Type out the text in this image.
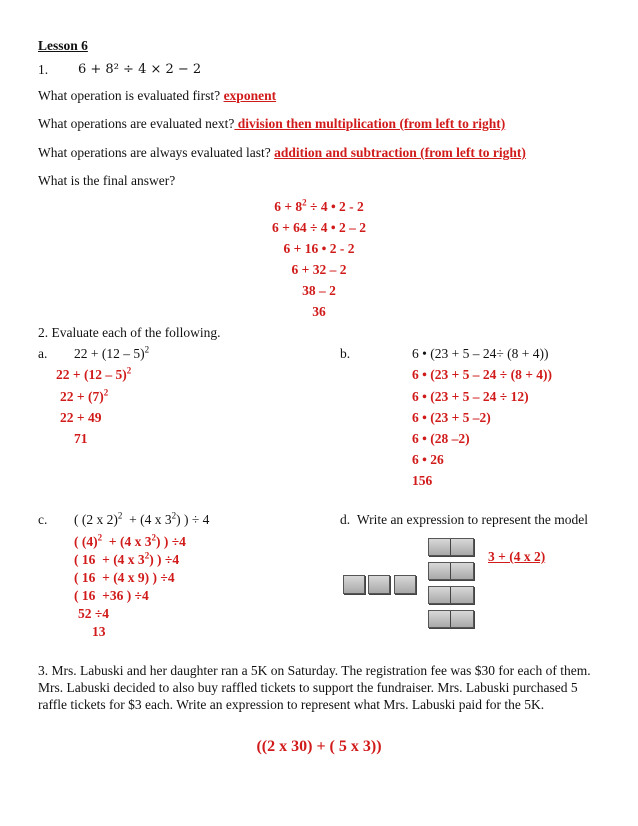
Lesson 6
1. 6 + 8² ÷ 4 × 2 − 2
What operation is evaluated first? exponent
What operations are evaluated next? division then multiplication (from left to right)
What operations are always evaluated last? addition and subtraction (from left to right)
What is the final answer?
$6 + 8^2 \div 4$ • 2 - 2
6 + 64 ÷ 4 • 2 – 2
6 + 16 • 2 - 2
6 + 32 – 2
38 – 2
36
2. Evaluate each of the following.
a. 22 + (12 – 5)$^2$
22 + (12 – 5)$^2$
$22 + (7)^2$
22 + 49
71
b.	6 • (23 + 5 – 24÷ (8 + 4))
6 • (23 + 5 – 24 ÷ (8 + 4))
6 • (23 + 5 – 24 ÷ 12)
6 • (23 + 5 –2)
6 • (28 –2)
6 • 26
156
c. ( (2 x 2)$^2$  + (4 x $3^2$) ) ÷ 4
( $(4)^2 + (4$ x $3^2$) ) ÷4
( 16  + (4 x $3^2$) ) ÷4
( 16  + (4 x 9) ) ÷4
( 16  +36 ) ÷4
52 ÷4
13
d. Write an expression to represent the model
3 + (4 x 2)
3. Mrs. Labuski and her daughter ran a 5K on Saturday. The registration fee was $30 for each of them. Mrs. Labuski decided to also buy raffled tickets to support the fundraiser. Mrs. Labuski purchased 5 raffle tickets for $3 each. Write an expression to represent what Mrs. Labuski paid for the 5K.
((2 x 30) + ( 5 x 3))
